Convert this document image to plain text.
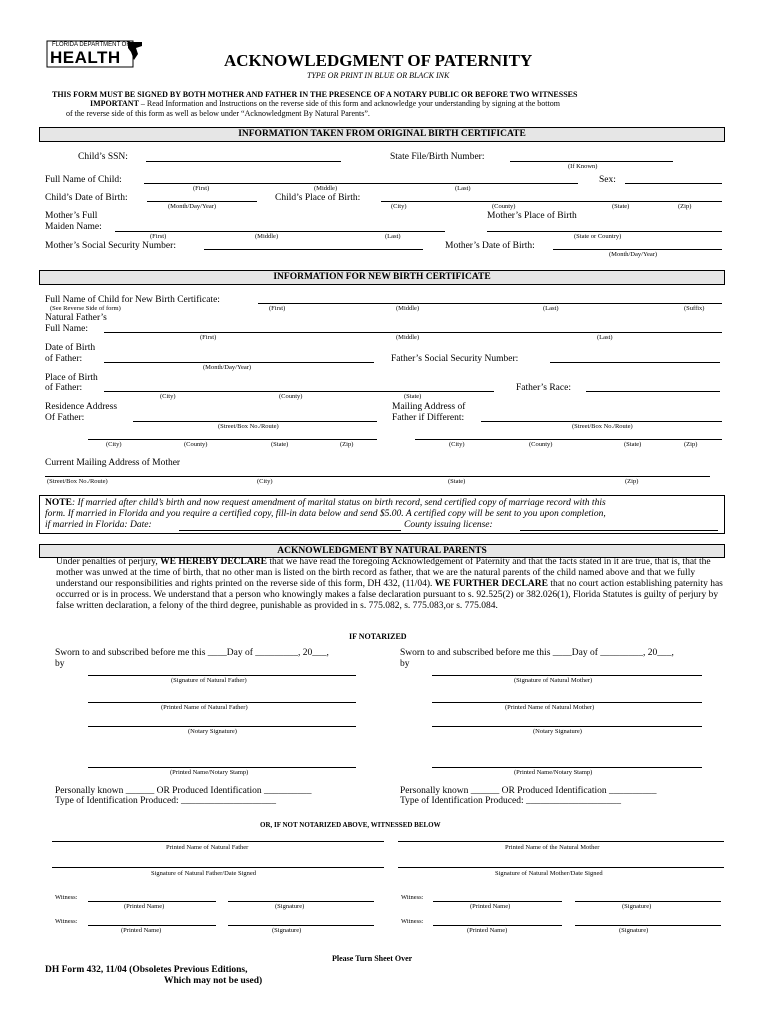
FLORIDA DEPARTMENT OF
HEALTH	ACKNOWLEDGMENT OF PATERNITY
TYPE OR PRINT IN BLUE OR BLACK INK
THIS FORM MUST BE SIGNED BY BOTH MOTHER AND FATHER IN THE PRESENCE OF A NOTARY PUBLIC OR BEFORE TWO WITNESSES
IMPORTANT – Read Information and Instructions on the reverse side of this form and acknowledge your understanding by signing at the bottom
of the reverse side of this form as well as below under “Acknowledgment By Natural Parents”.
INFORMATION TAKEN FROM ORIGINAL BIRTH CERTIFICATE
Child’s SSN:	State File/Birth Number:
(If Known)
Full Name of Child:	Sex:
(First)	(Middle)	(Last)
Child’s Date of Birth:	Child’s Place of Birth:
(Month/Day/Year)	(City)	(County)	(State)	(Zip)
Mother’s Full	Mother’s Place of Birth
Maiden Name:
(First)	(Middle)	(Last)	(State or Country)
Mother’s Social Security Number:	Mother’s Date of Birth:
(Month/Day/Year)
INFORMATION FOR NEW BIRTH CERTIFICATE
Full Name of Child for New Birth Certificate:
(See Reverse Side of form)	(First)	(Middle)	(Last)	(Suffix)
Natural Father’s
Full Name:
(First)	(Middle)	(Last)
Date of Birth
of Father:	Father’s Social Security Number:
(Month/Day/Year)
Place of Birth
of Father:	Father’s Race:
(City)	(County)	(State)
Residence Address
Of Father:
Mailing Address of
Father if Different:
(Street/Box No./Route)	(Street/Box No./Route)
(City)	(County)	(State)	(Zip)	(City)	(County)	(State)	(Zip)
Current Mailing Address of Mother
(Street/Box No./Route)	(City)	(State)	(Zip)
NOTE: If married after child’s birth and now request amendment of marital status on birth record, send certified copy of marriage record with this
form. If married in Florida and you require a certified copy, fill-in data below and send $5.00. A certified copy will be sent to you upon completion,
if married in Florida: Date:	County issuing license:
ACKNOWLEDGMENT BY NATURAL PARENTS
Under penalties of perjury, WE HEREBY DECLARE that we have read the foregoing Acknowledgement of Paternity and that the facts stated in it are true, that is, that the mother was unwed at the time of birth, that no other man is listed on the birth record as father, that we are the natural parents of the child named above and that we fully understand our responsibilities and rights printed on the reverse side of this form, DH 432, (11/04). WE FURTHER DECLARE that no court action establishing paternity has occurred or is in process. We understand that a person who knowingly makes a false declaration pursuant to s. 92.525(2) or 382.026(1), Florida Statutes is guilty of perjury by false written declaration, a felony of the third degree, punishable as provided in s. 775.082, s. 775.083,or s. 775.084.
IF NOTARIZED
Sworn to and subscribed before me this ____Day of _________, 20___,
by
Sworn to and subscribed before me this ____Day of _________, 20___,
by
(Signature of Natural Father)	(Signature of Natural Mother)
(Printed Name of Natural Father)	(Printed Name of Natural Mother)
(Notary Signature)	(Notary Signature)
(Printed Name/Notary Stamp)	(Printed Name/Notary Stamp)
Personally known ______ OR Produced Identification __________
Type of Identification Produced: ____________________
Personally known ______ OR Produced Identification __________
Type of Identification Produced: ____________________
OR, IF NOT NOTARIZED ABOVE, WITNESSED BELOW
Printed Name of Natural Father	Printed Name of the Natural Mother
Signature of Natural Father/Date Signed	Signature of Natural Mother/Date Signed
Witness:
(Printed Name)	(Signature)
Witness:
(Printed Name)	(Signature)
Witness:
(Printed Name)	(Signature)
Witness:
(Printed Name)	(Signature)
Please Turn Sheet Over
DH Form 432, 11/04 (Obsoletes Previous Editions,
Which may not be used)
